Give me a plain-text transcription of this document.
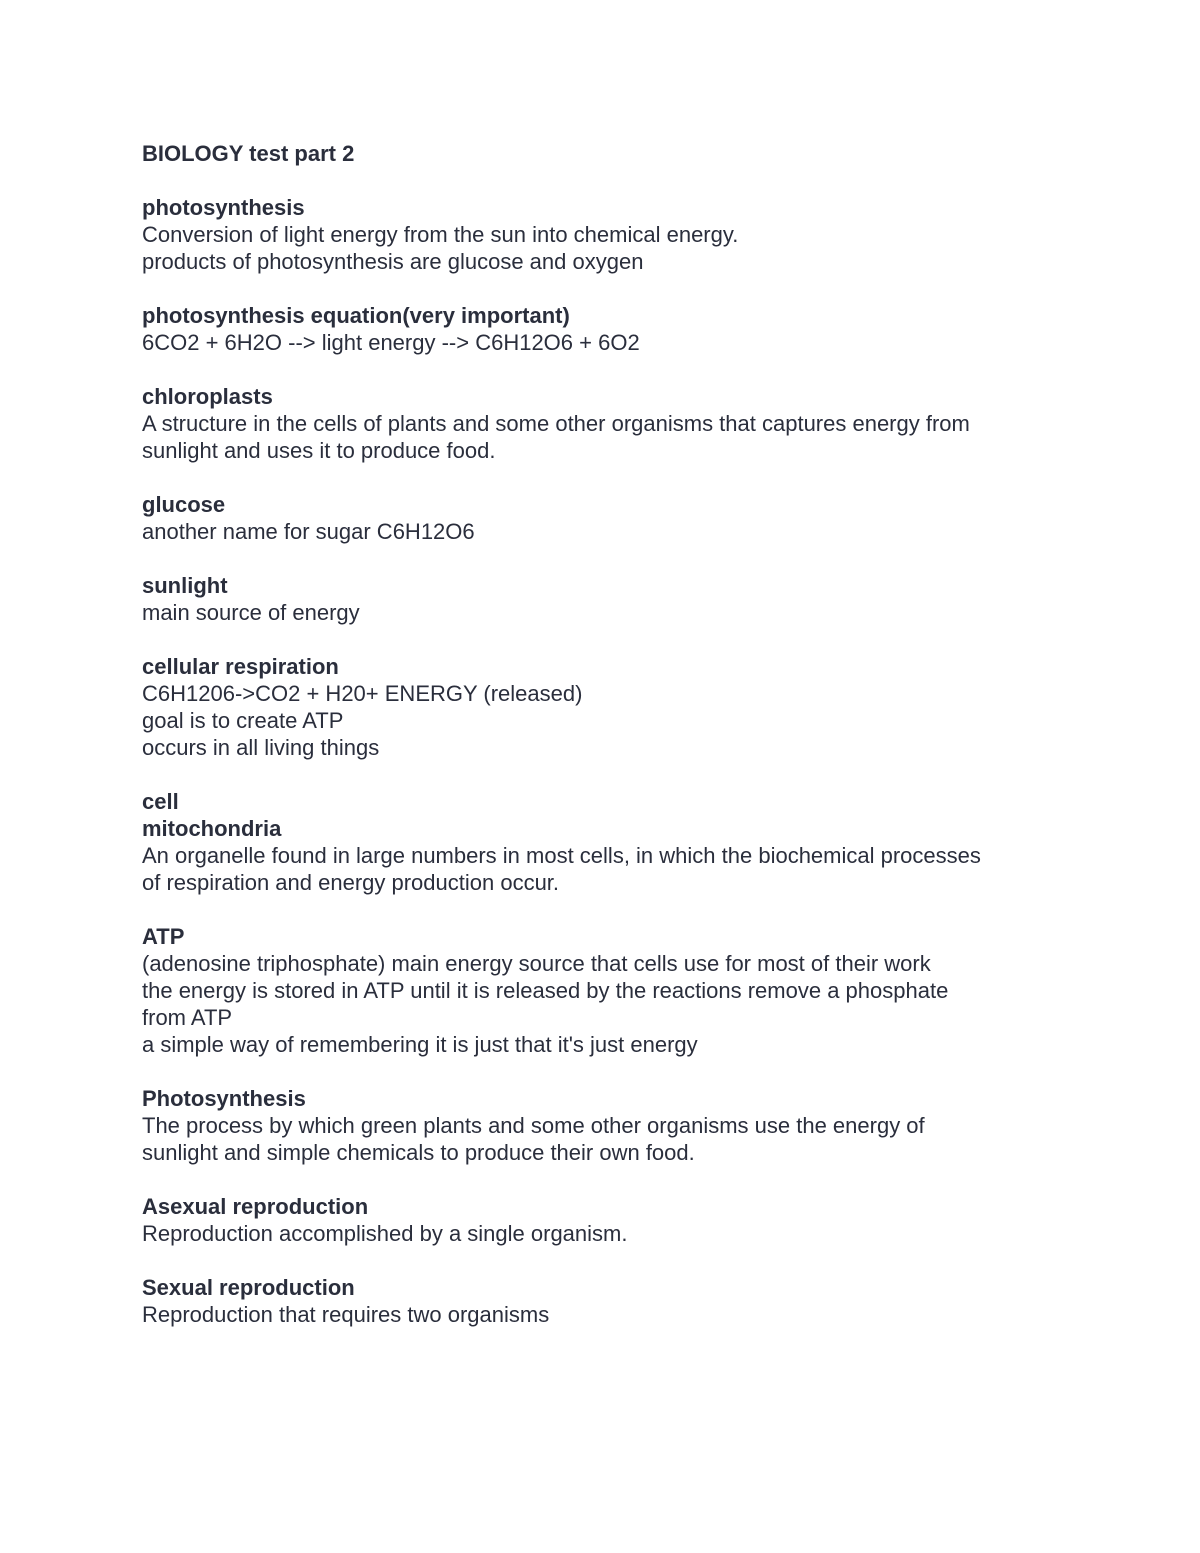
BIOLOGY test part 2
photosynthesis
Conversion of light energy from the sun into chemical energy.
products of photosynthesis are glucose and oxygen
photosynthesis equation(very important)
6CO2 + 6H2O --> light energy --> C6H12O6 + 6O2
chloroplasts
A structure in the cells of plants and some other organisms that captures energy from
sunlight and uses it to produce food.
glucose
another name for sugar C6H12O6
sunlight
main source of energy
cellular respiration
C6H1206->CO2 + H20+ ENERGY (released)
goal is to create ATP
occurs in all living things
cell
mitochondria
An organelle found in large numbers in most cells, in which the biochemical processes
of respiration and energy production occur.
ATP
(adenosine triphosphate) main energy source that cells use for most of their work
the energy is stored in ATP until it is released by the reactions remove a phosphate
from ATP
a simple way of remembering it is just that it's just energy
Photosynthesis
The process by which green plants and some other organisms use the energy of
sunlight and simple chemicals to produce their own food.
Asexual reproduction
Reproduction accomplished by a single organism.
Sexual reproduction
Reproduction that requires two organisms
